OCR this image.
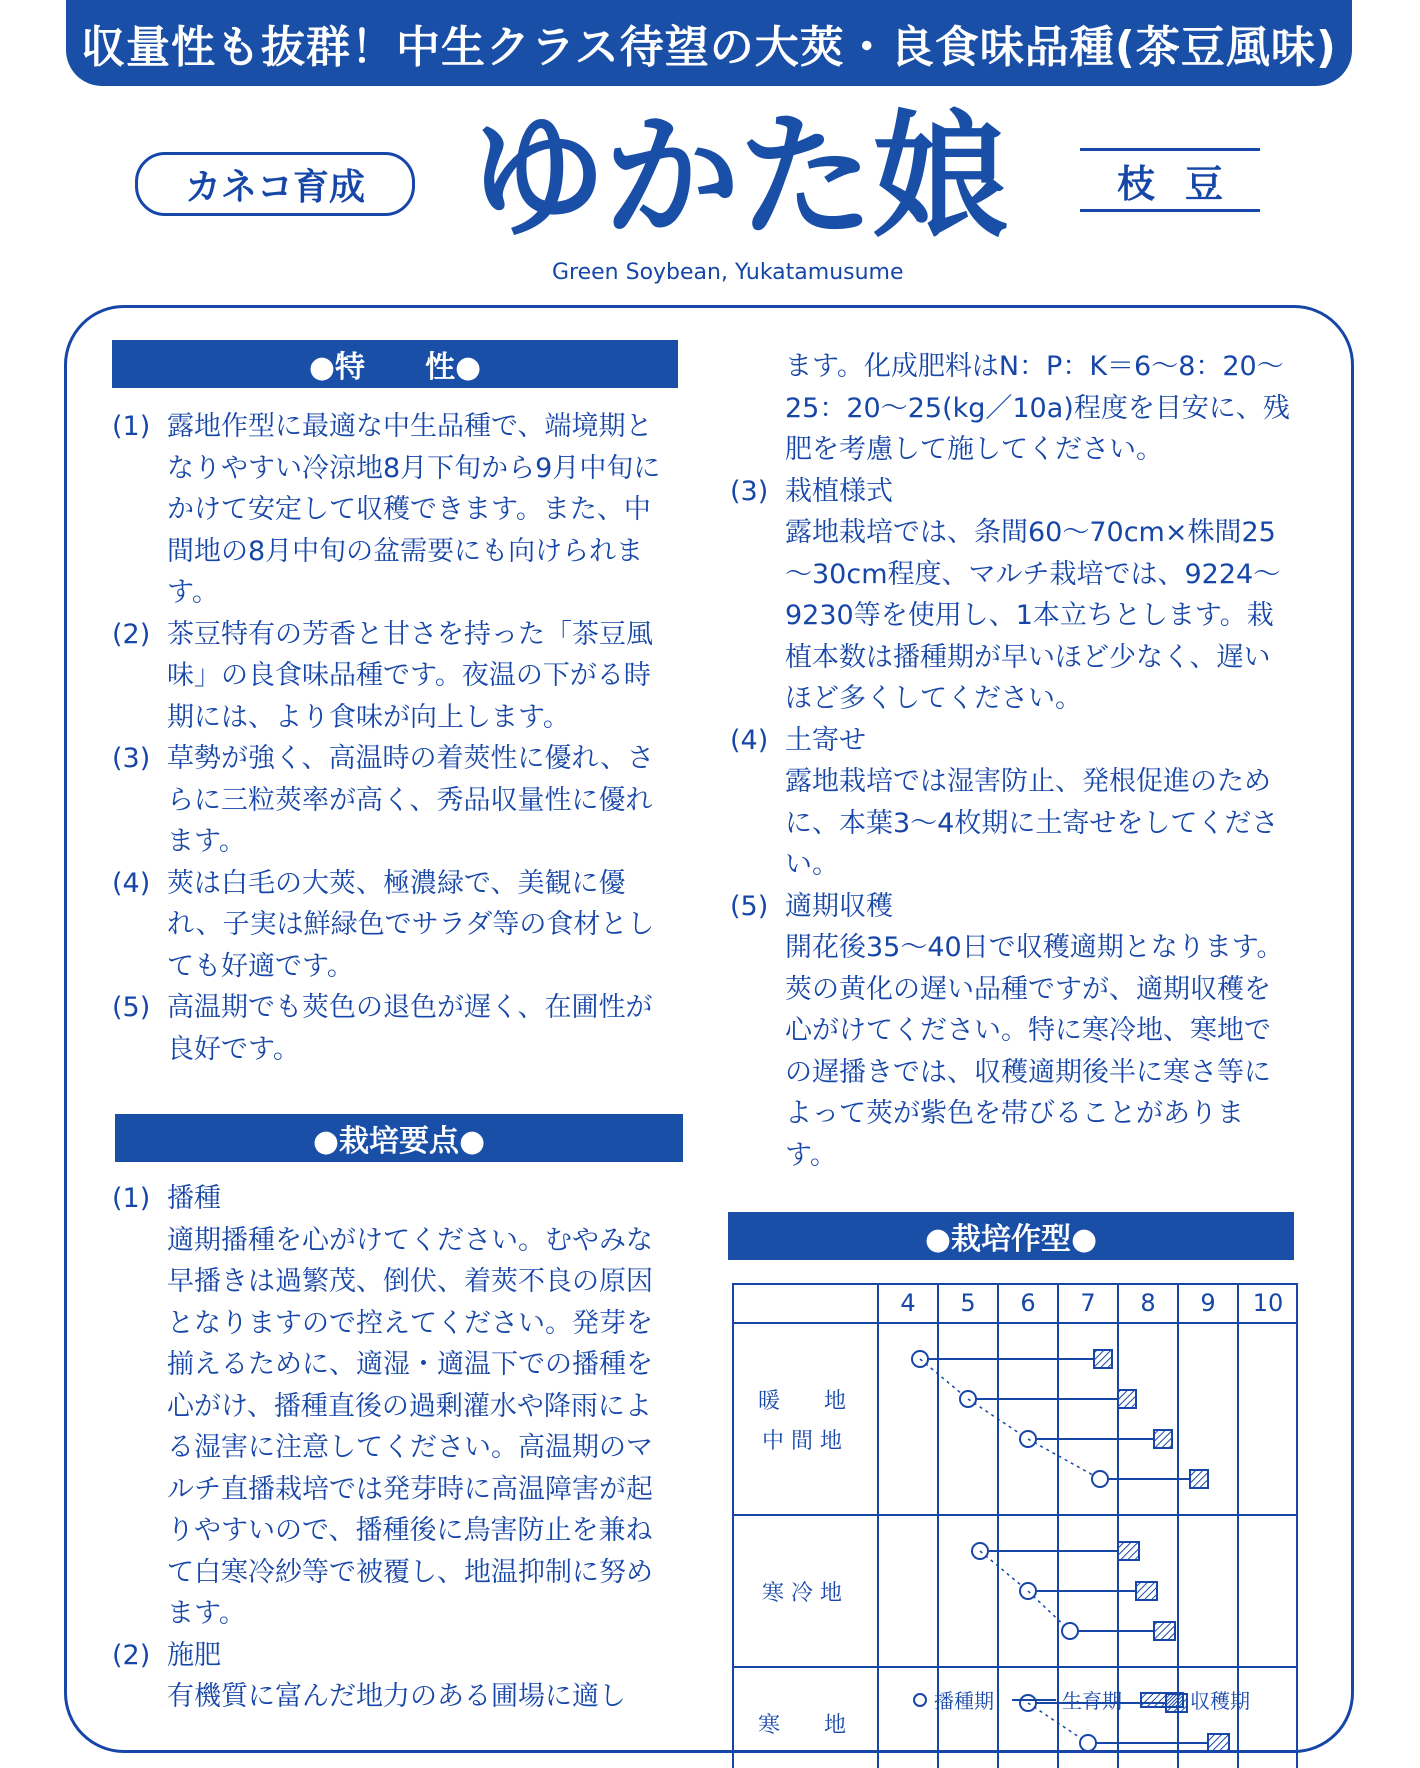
収量性も抜群！中生クラス待望の大莢・良食味品種(茶豆風味)
カネコ育成 ゆかた娘	枝豆
Green Soybean, Yukatamusume
●特　　性●
(1) 露地作型に最適な中生品種で、端境期となりやすい冷涼地8月下旬から9月中旬にかけて安定して収穫できます。また、中間地の8月中旬の盆需要にも向けられます。
(2) 茶豆特有の芳香と甘さを持った「茶豆風味」の良食味品種です。夜温の下がる時期には、より食味が向上します。
(3) 草勢が強く、高温時の着莢性に優れ、さらに三粒莢率が高く、秀品収量性に優れます。
(4) 莢は白毛の大莢、極濃緑で、美観に優れ、子実は鮮緑色でサラダ等の食材としても好適です。
(5) 高温期でも莢色の退色が遅く、在圃性が良好です。
●栽培要点●
(1) 播種
適期播種を心がけてください。むやみな早播きは過繁茂、倒伏、着莢不良の原因となりますので控えてください。発芽を揃えるために、適湿・適温下での播種を心がけ、播種直後の過剰灌水や降雨による湿害に注意してください。高温期のマルチ直播栽培では発芽時に高温障害が起りやすいので、播種後に鳥害防止を兼ねて白寒冷紗等で被覆し、地温抑制に努めます。
(2) 施肥
有機質に富んだ地力のある圃場に適し
ます。化成肥料はN：P：K＝6～8：20～25：20～25(kg／10a)程度を目安に、残肥を考慮して施してください。
(3) 栽植様式
露地栽培では、条間60～70cm×株間25～30cm程度、マルチ栽培では、9224～9230等を使用し、1本立ちとします。栽植本数は播種期が早いほど少なく、遅いほど多くしてください。
(4) 土寄せ
露地栽培では湿害防止、発根促進のために、本葉3～4枚期に土寄せをしてください。
(5) 適期収穫
開花後35～40日で収穫適期となります。莢の黄化の遅い品種ですが、適期収穫を心がけてください。特に寒冷地、寒地での遅播きでは、収穫適期後半に寒さ等によって莢が紫色を帯びることがあります。
●栽培作型●
4 5 6 7 8 9 10
暖　　地
中 間 地
寒 冷 地
寒　　地
播種期	生育期	収穫期
